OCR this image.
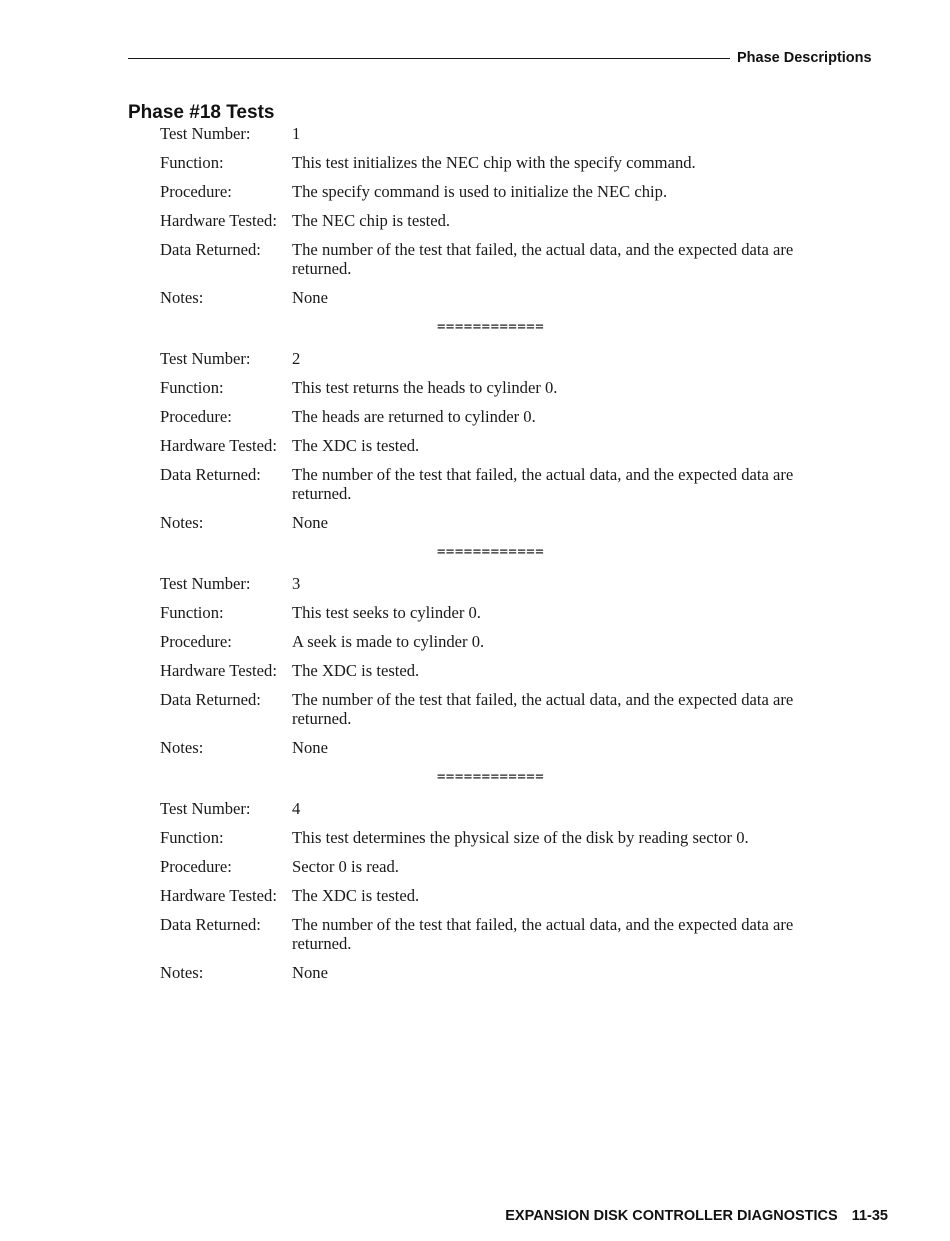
Phase Descriptions
Phase #18 Tests
Test Number:	1
Function:	This test initializes the NEC chip with the specify command.
Procedure:	The specify command is used to initialize the NEC chip.
Hardware Tested: The NEC chip is tested.
Data Returned:	The number of the test that failed, the actual data, and the expected data are returned.
Notes:	None
============
Test Number:	2
Function:	This test returns the heads to cylinder 0.
Procedure:	The heads are returned to cylinder 0.
Hardware Tested: The XDC is tested.
Data Returned:	The number of the test that failed, the actual data, and the expected data are returned.
Notes:	None
============
Test Number:	3
Function:	This test seeks to cylinder 0.
Procedure:	A seek is made to cylinder 0.
Hardware Tested: The XDC is tested.
Data Returned:	The number of the test that failed, the actual data, and the expected data are returned.
Notes:	None
============
Test Number:	4
Function:	This test determines the physical size of the disk by reading sector 0.
Procedure:	Sector 0 is read.
Hardware Tested: The XDC is tested.
Data Returned:	The number of the test that failed, the actual data, and the expected data are returned.
Notes:	None
EXPANSION DISK CONTROLLER DIAGNOSTICS 11-35
